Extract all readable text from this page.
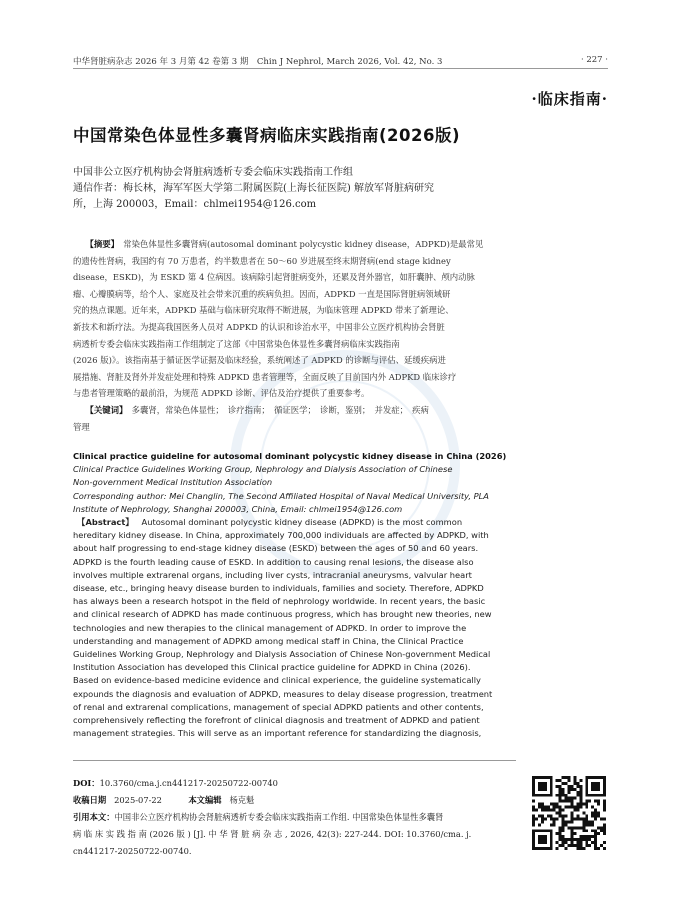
中华肾脏病杂志 2026 年 3 月第 42 卷第 3 期　Chin J Nephrol, March 2026, Vol. 42, No. 3	· 227 ·
·临床指南·
中国常染色体显性多囊肾病临床实践指南(2026版)
中国非公立医疗机构协会肾脏病透析专委会临床实践指南工作组
通信作者：梅长林，海军军医大学第二附属医院(上海长征医院) 解放军肾脏病研究
所，上海 200003，Email：chlmei1954@126.com
　　【摘要】　 常染色体显性多囊肾病(autosomal dominant polycystic kidney disease，ADPKD)是最常见
的遗传性肾病，我国约有 70 万患者，约半数患者在 50～60 岁进展至终末期肾病(end stage kidney
disease，ESKD)，为 ESKD 第 4 位病因。该病除引起肾脏病变外，还累及肾外器官，如肝囊肿、颅内动脉
瘤、心瓣膜病等，给个人、家庭及社会带来沉重的疾病负担。因而，ADPKD 一直是国际肾脏病领域研
究的热点课题。近年来，ADPKD 基础与临床研究取得不断进展，为临床管理 ADPKD 带来了新理论、
新技术和新疗法。为提高我国医务人员对 ADPKD 的认识和诊治水平，中国非公立医疗机构协会肾脏
病透析专委会临床实践指南工作组制定了这部《中国常染色体显性多囊肾病临床实践指南
(2026 版)》。该指南基于循证医学证据及临床经验，系统阐述了 ADPKD 的诊断与评估、延缓疾病进
展措施、肾脏及肾外并发症处理和特殊 ADPKD 患者管理等，全面反映了目前国内外 ADPKD 临床诊疗
与患者管理策略的最前沿，为规范 ADPKD 诊断、评估及治疗提供了重要参考。
　　【关键词】　 多囊肾，常染色体显性；　诊疗指南；　循证医学；　诊断，鉴别；　并发症；　疾病
管理
Clinical practice guideline for autosomal dominant polycystic kidney disease in China (2026)
Clinical Practice Guidelines Working Group, Nephrology and Dialysis Association of Chinese
Non-government Medical Institution Association
Corresponding author: Mei Changlin, The Second Affiliated Hospital of Naval Medical University, PLA
Institute of Nephrology, Shanghai 200003, China, Email: chlmei1954@126.com
　【Abstract】 Autosomal dominant polycystic kidney disease (ADPKD) is the most common
hereditary kidney disease. In China, approximately 700,000 individuals are affected by ADPKD, with
about half progressing to end-stage kidney disease (ESKD) between the ages of 50 and 60 years.
ADPKD is the fourth leading cause of ESKD. In addition to causing renal lesions, the disease also
involves multiple extrarenal organs, including liver cysts, intracranial aneurysms, valvular heart
disease, etc., bringing heavy disease burden to individuals, families and society. Therefore, ADPKD
has always been a research hotspot in the field of nephrology worldwide. In recent years, the basic
and clinical research of ADPKD has made continuous progress, which has brought new theories, new
technologies and new therapies to the clinical management of ADPKD. In order to improve the
understanding and management of ADPKD among medical staff in China, the Clinical Practice
Guidelines Working Group, Nephrology and Dialysis Association of Chinese Non-government Medical
Institution Association has developed this Clinical practice guideline for ADPKD in China (2026).
Based on evidence-based medicine evidence and clinical experience, the guideline systematically
expounds the diagnosis and evaluation of ADPKD, measures to delay disease progression, treatment
of renal and extrarenal complications, management of special ADPKD patients and other contents,
comprehensively reflecting the forefront of clinical diagnosis and treatment of ADPKD and patient
management strategies. This will serve as an important reference for standardizing the diagnosis,
DOI：10.3760/cma.j.cn441217-20250722-00740
收稿日期 2025-07-22	本文编辑 杨克魁
引用本文：中国非公立医疗机构协会肾脏病透析专委会临床实践指南工作组. 中国常染色体显性多囊肾
病 临 床 实 践 指 南 (2026 版 ) [J]. 中 华 肾 脏 病 杂 志 , 2026, 42(3): 227-244. DOI: 10.3760/cma. j.
cn441217-20250722-00740.
